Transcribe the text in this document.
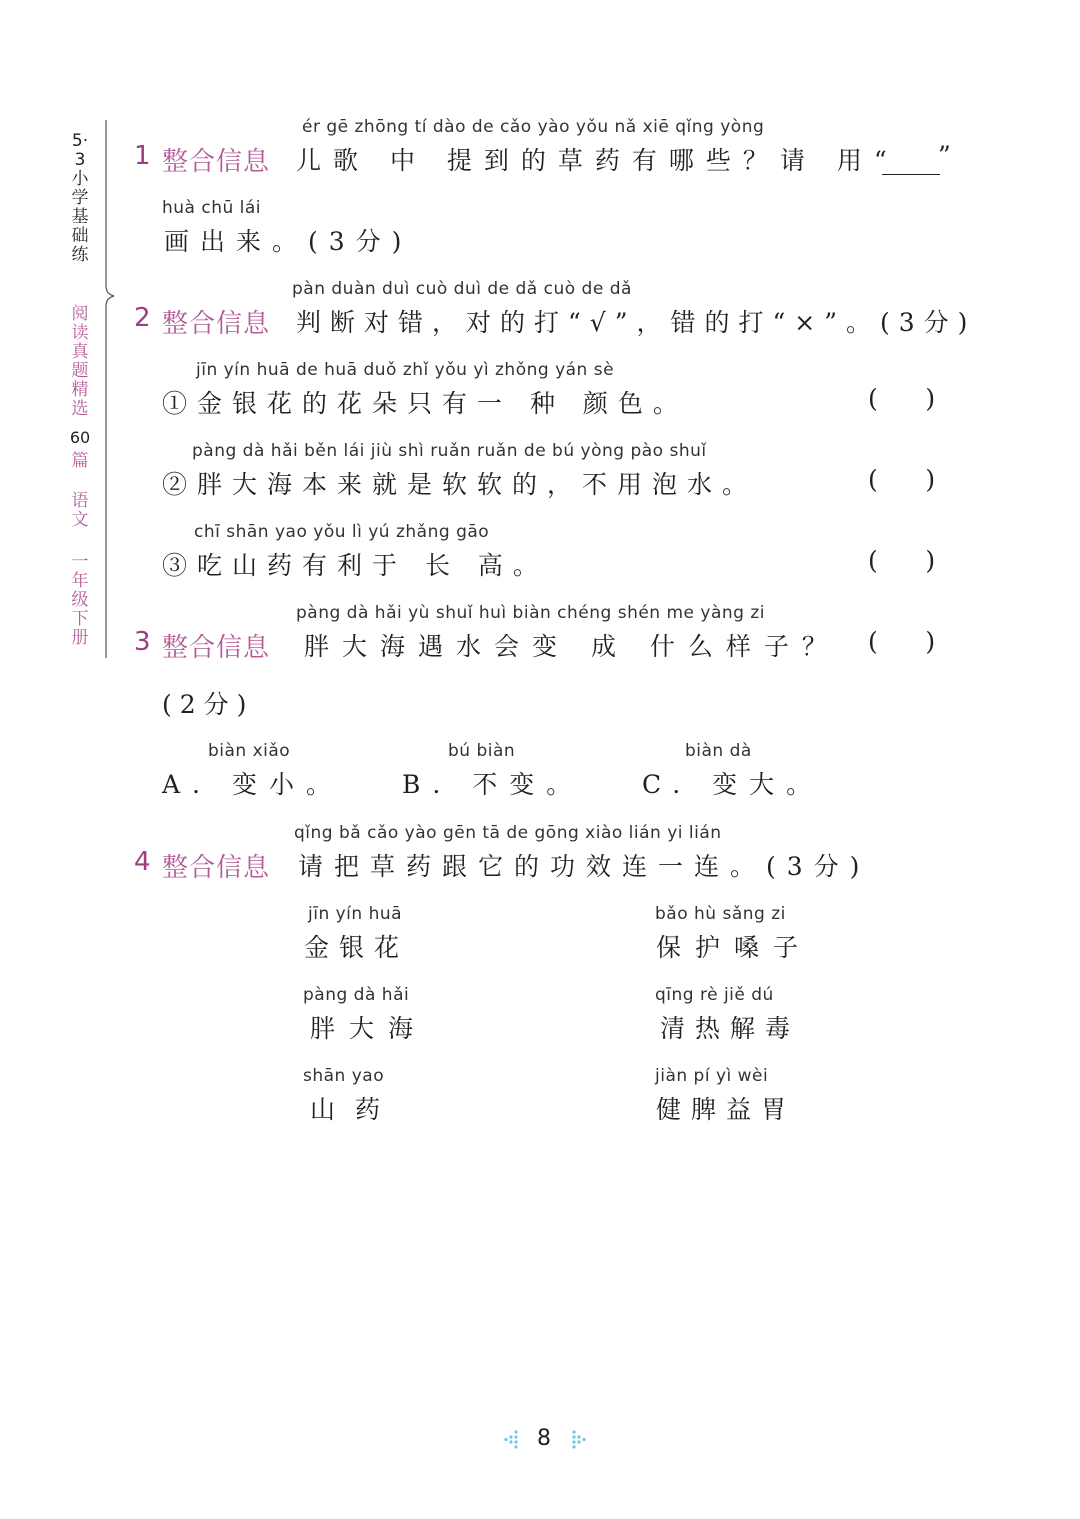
5·3小学基础练
阅读真题精选
60
篇
语文
一年级下册
ér gē zhōng tí dào de cǎo yào yǒu nǎ xiē qǐng yòng
1 整合信息 儿歌 中 提到的草药有哪些？请 用“ ”
huà chū lái
画出来。(3分)
pàn duàn duì cuò duì de dǎ cuò de dǎ
2 整合信息 判断对错，对的打“√”，错的打“×”。(3分)
jīn yín huā de huā duǒ zhǐ yǒu yì zhǒng yán sè
①金银花的花朵只有一 种 颜色。	(      )
pàng dà hǎi běn lái jiù shì ruǎn ruǎn de bú yòng pào shuǐ
②胖大海本来就是软软的，不用泡水。	(      )
chī shān yao yǒu lì yú zhǎng gāo
③吃山药有利于 长 高。	(      )
pàng dà hǎi yù shuǐ huì biàn chéng shén me yàng zi
3 整合信息 胖大海遇水会变 成 什么样子？ (      )
(2分)
biàn xiǎo
A. 变小。
bú biàn
B. 不变。
biàn dà
C. 变大。
qǐng bǎ cǎo yào gēn tā de gōng xiào lián yi lián
4 整合信息 请把草药跟它的功效连一连。(3分)
jīn yín huā
金银花
pàng dà hǎi
胖大海
shān yao
山药
bǎo hù sǎng zi
保护嗓子
qīng rè jiě dú
清热解毒
jiàn pí yì wèi
健脾益胃
8
